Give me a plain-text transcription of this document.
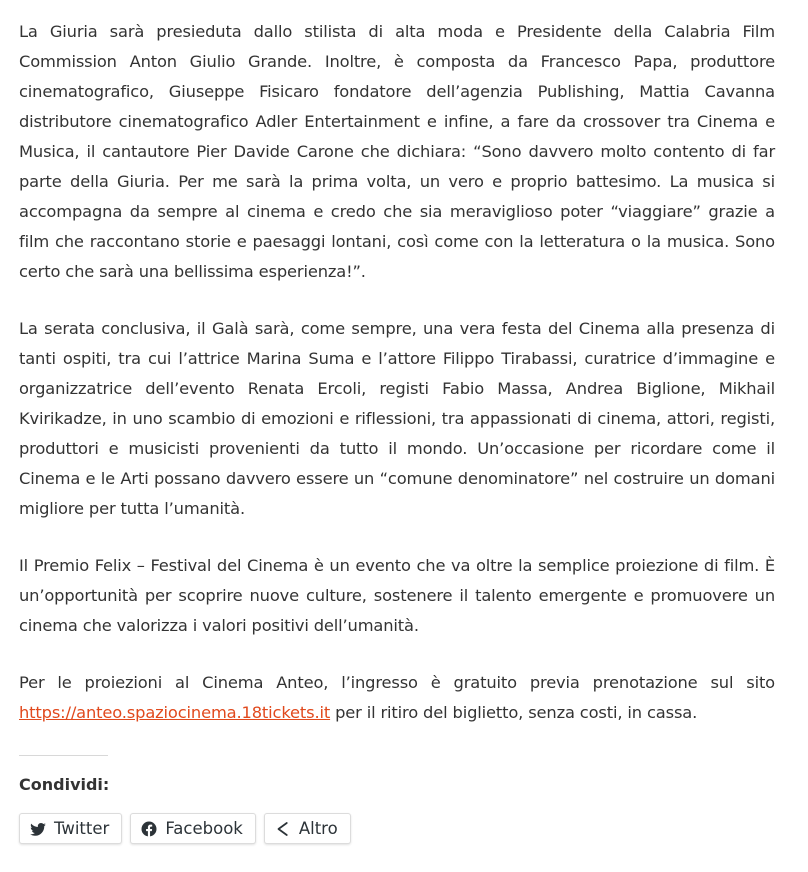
La Giuria sarà presieduta dallo stilista di alta moda e Presidente della Calabria Film Commission Anton Giulio Grande. Inoltre, è composta da Francesco Papa, produttore cinematografico, Giuseppe Fisicaro fondatore dell’agenzia Publishing, Mattia Cavanna distributore cinematografico Adler Entertainment e infine, a fare da crossover tra Cinema e Musica, il cantautore Pier Davide Carone che dichiara: “Sono davvero molto contento di far parte della Giuria. Per me sarà la prima volta, un vero e proprio battesimo. La musica si accompagna da sempre al cinema e credo che sia meraviglioso poter “viaggiare” grazie a film che raccontano storie e paesaggi lontani, così come con la letteratura o la musica. Sono certo che sarà una bellissima esperienza!”.

La serata conclusiva, il Galà sarà, come sempre, una vera festa del Cinema alla presenza di tanti ospiti, tra cui l’attrice Marina Suma e l’attore Filippo Tirabassi, curatrice d’immagine e organizzatrice dell’evento Renata Ercoli, registi Fabio Massa, Andrea Biglione, Mikhail Kvirikadze, in uno scambio di emozioni e riflessioni, tra appassionati di cinema, attori, registi, produttori e musicisti provenienti da tutto il mondo. Un’occasione per ricordare come il Cinema e le Arti possano davvero essere un “comune denominatore” nel costruire un domani migliore per tutta l’umanità.

Il Premio Felix – Festival del Cinema è un evento che va oltre la semplice proiezione di film. È un’opportunità per scoprire nuove culture, sostenere il talento emergente e promuovere un cinema che valorizza i valori positivi dell’umanità.

Per le proiezioni al Cinema Anteo, l’ingresso è gratuito previa prenotazione sul sito https://anteo.spaziocinema.18tickets.it per il ritiro del biglietto, senza costi, in cassa.

Condividi:
Twitter	Facebook	Altro
